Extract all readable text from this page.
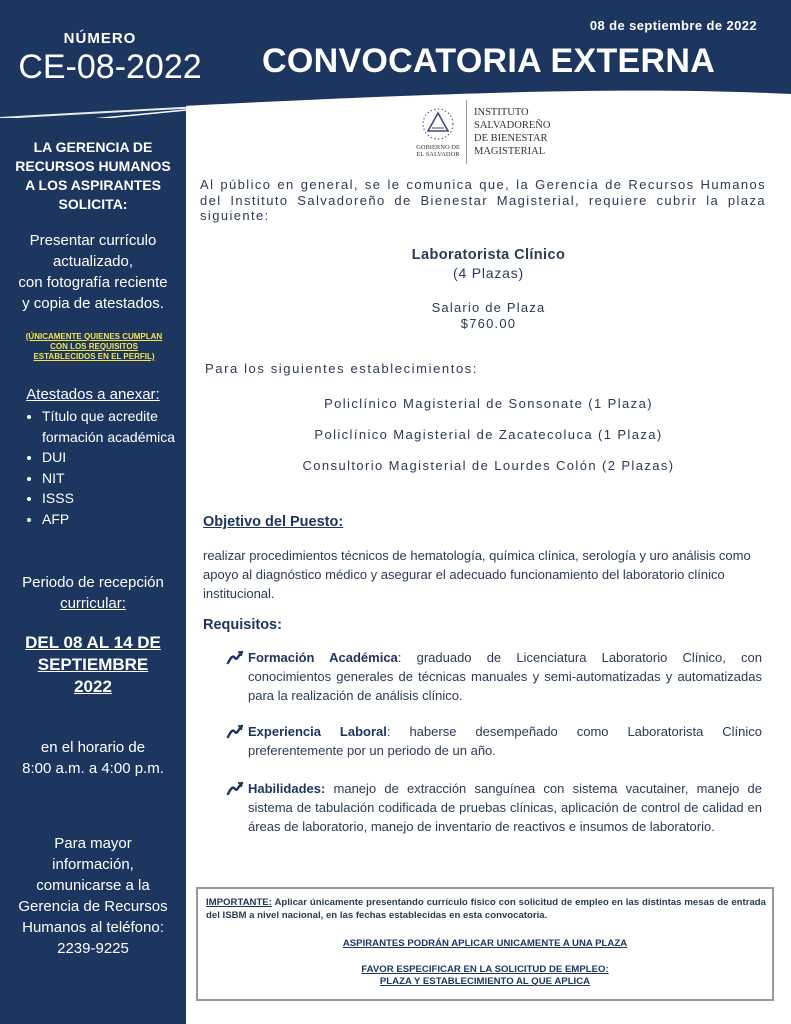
LA GERENCIA DE
RECURSOS HUMANOS
A LOS ASPIRANTES
SOLICITA:
Presentar currículo
actualizado,
con fotografía reciente
y copia de atestados.
(ÚNICAMENTE QUIENES CUMPLAN
CON LOS REQUISITOS
ESTABLECIDOS EN EL PERFIL)
Atestados a anexar:
• Título que acredite formación académica
• DUI
• NIT
• ISSS
• AFP
Periodo de recepción
curricular:
DEL 08 AL 14 DE
SEPTIEMBRE
2022
en el horario de
8:00 a.m. a 4:00 p.m.
Para mayor
información,
comunicarse a la
Gerencia de Recursos
Humanos al teléfono:
2239-9225
NÚMERO
CE-08-2022
08 de septiembre de 2022
CONVOCATORIA EXTERNA
GOBIERNO DE
EL SALVADOR
INSTITUTO
SALVADOREÑO
DE BIENESTAR
MAGISTERIAL

Al público en general, se le comunica que, la Gerencia de Recursos Humanos del Instituto Salvadoreño de Bienestar Magisterial, requiere cubrir la plaza siguiente:

Laboratorista Clínico
(4 Plazas)
Salario de Plaza
$760.00
Para los siguientes establecimientos:
Policlínico Magisterial de Sonsonate (1 Plaza)
Policlínico Magisterial de Zacatecoluca (1 Plaza)
Consultorio Magisterial de Lourdes Colón (2 Plazas)
Objetivo del Puesto:

realizar procedimientos técnicos de hematología, química clínica, serología y uro análisis como apoyo al diagnóstico médico y asegurar el adecuado funcionamiento del laboratorio clínico institucional.

Requisitos:
Formación Académica: graduado de Licenciatura Laboratorio Clínico, con conocimientos generales de técnicas manuales y semi-automatizadas y automatizadas para la realización de análisis clínico.
Experiencia Laboral: haberse desempeñado como Laboratorista Clínico preferentemente por un periodo de un año.
Habilidades: manejo de extracción sanguínea con sistema vacutainer, manejo de sistema de tabulación codificada de pruebas clínicas, aplicación de control de calidad en áreas de laboratorio, manejo de inventario de reactivos e insumos de laboratorio.
IMPORTANTE: Aplicar únicamente presentando currículo físico con solicitud de empleo en las distintas mesas de entrada del ISBM a nivel nacional, en las fechas establecidas en esta convocatoria.
ASPIRANTES PODRÁN APLICAR UNICAMENTE A UNA PLAZA
FAVOR ESPECIFICAR EN LA SOLICITUD DE EMPLEO:
PLAZA Y ESTABLECIMIENTO AL QUE APLICA
